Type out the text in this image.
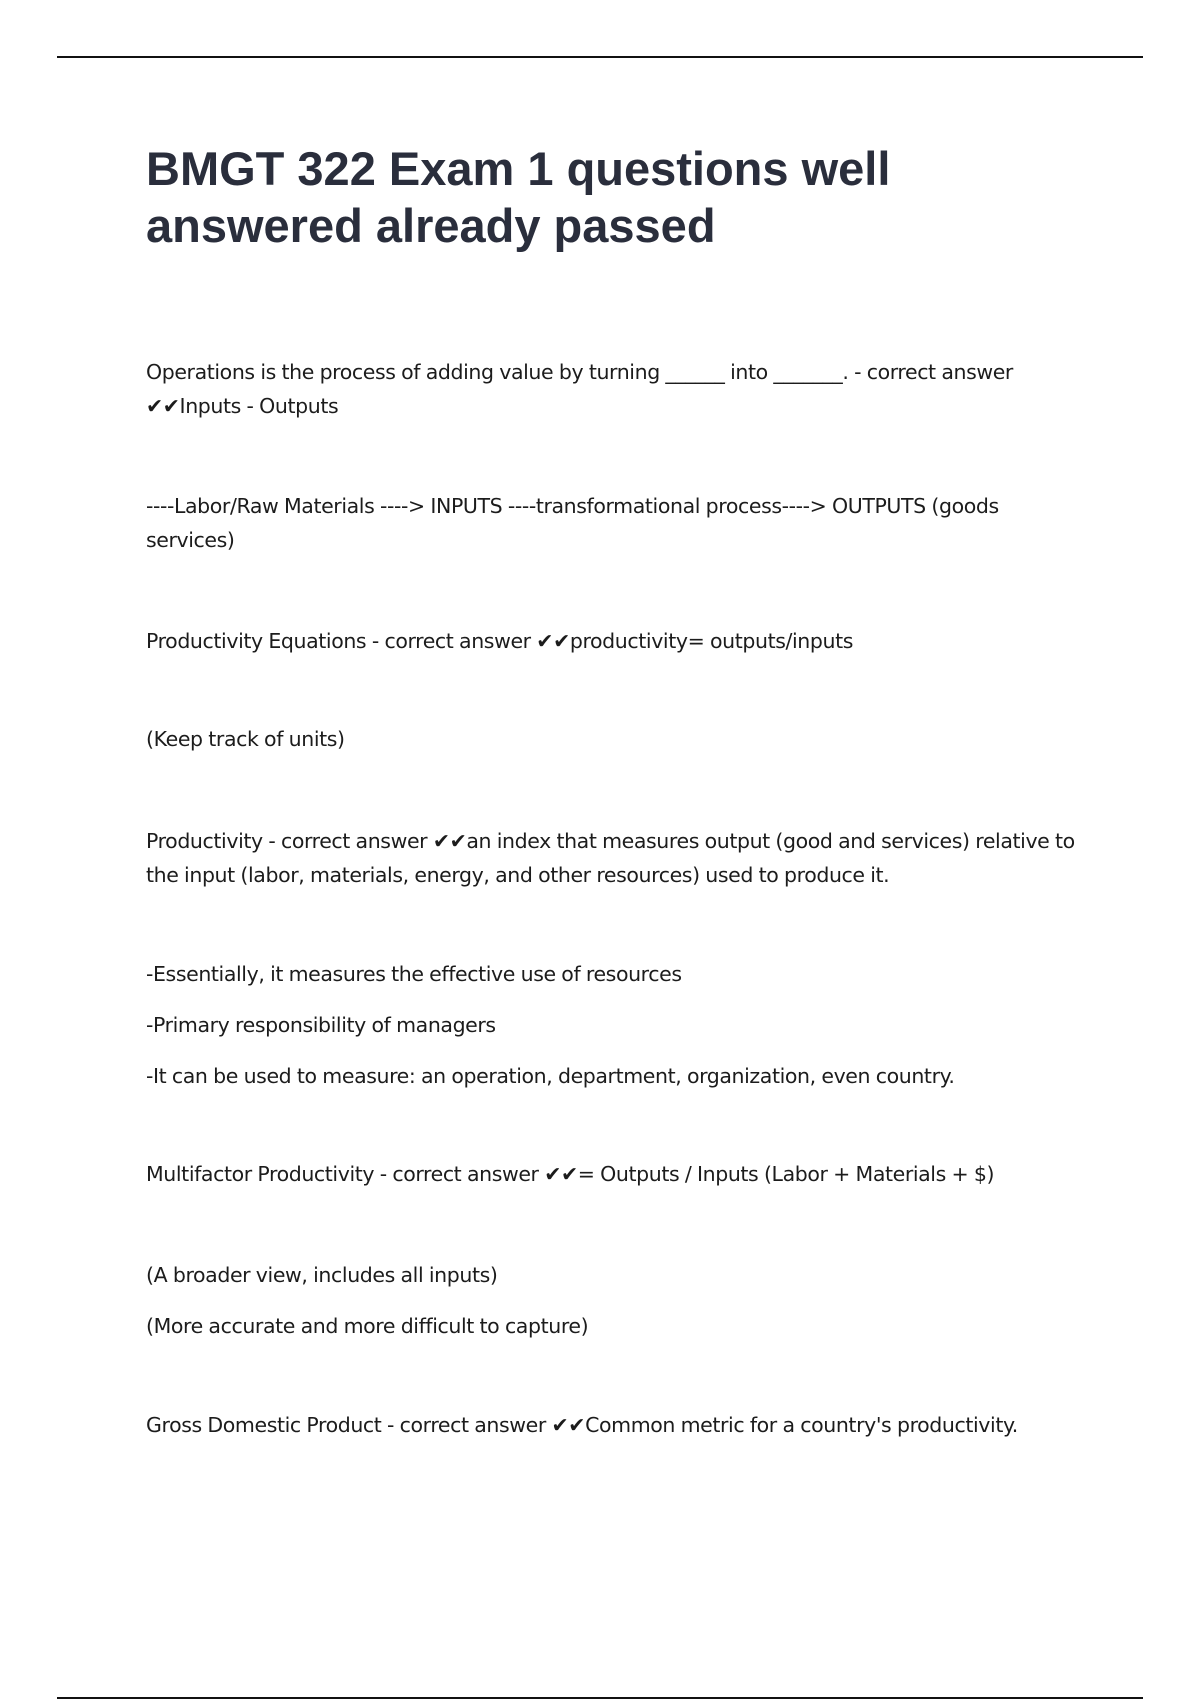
BMGT 322 Exam 1 questions well answered already passed

Operations is the process of adding value by turning ______ into _______. - correct answer ✔✔Inputs - Outputs

----Labor/Raw Materials ----> INPUTS ----transformational process----> OUTPUTS (goods services)

Productivity Equations - correct answer ✔✔productivity= outputs/inputs

(Keep track of units)

Productivity - correct answer ✔✔an index that measures output (good and services) relative to the input (labor, materials, energy, and other resources) used to produce it.

-Essentially, it measures the effective use of resources

-Primary responsibility of managers

-It can be used to measure: an operation, department, organization, even country.

Multifactor Productivity - correct answer ✔✔= Outputs / Inputs (Labor + Materials + $)

(A broader view, includes all inputs)

(More accurate and more difficult to capture)

Gross Domestic Product - correct answer ✔✔Common metric for a country's productivity.
